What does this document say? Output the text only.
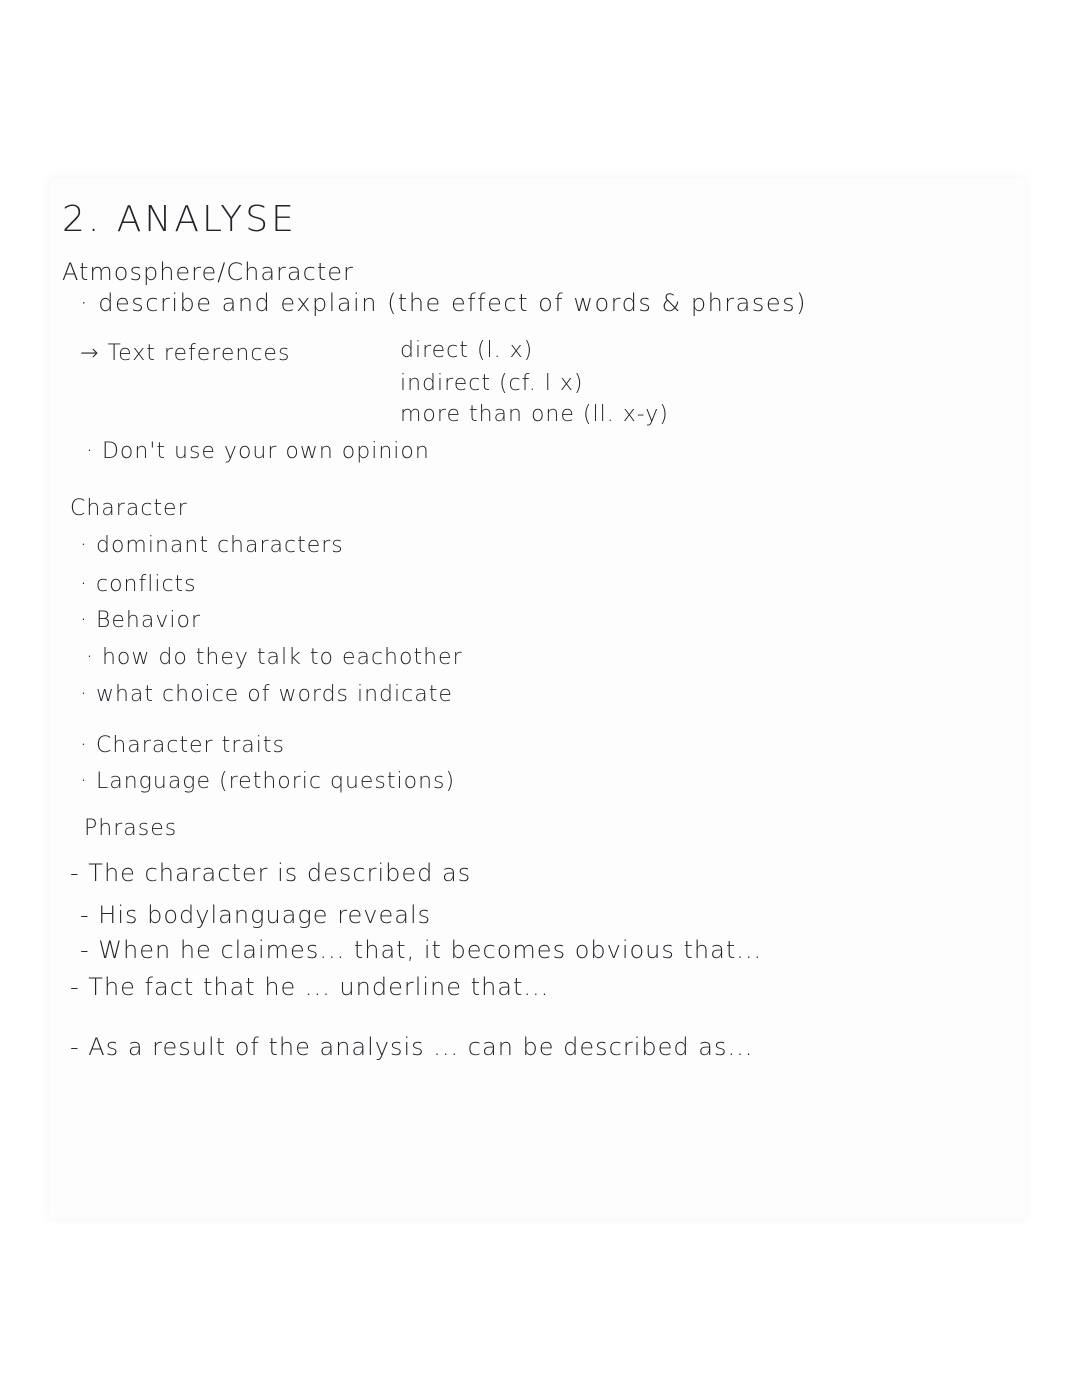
2. ANALYSE
Atmosphere/Character
· describe and explain (the effect of words & phrases)
→ Text references	direct (l. x)
indirect (cf. l x)
more than one (ll. x-y)
· Don't use your own opinion
Character
· dominant characters
· conflicts
· Behavior
· how do they talk to eachother
· what choice of words indicate
· Character traits
· Language (rethoric questions)
Phrases
- The character is described as
- His bodylanguage reveals
- When he claimes... that, it becomes obvious that...
- The fact that he ... underline that...
- As a result of the analysis ... can be described as...
